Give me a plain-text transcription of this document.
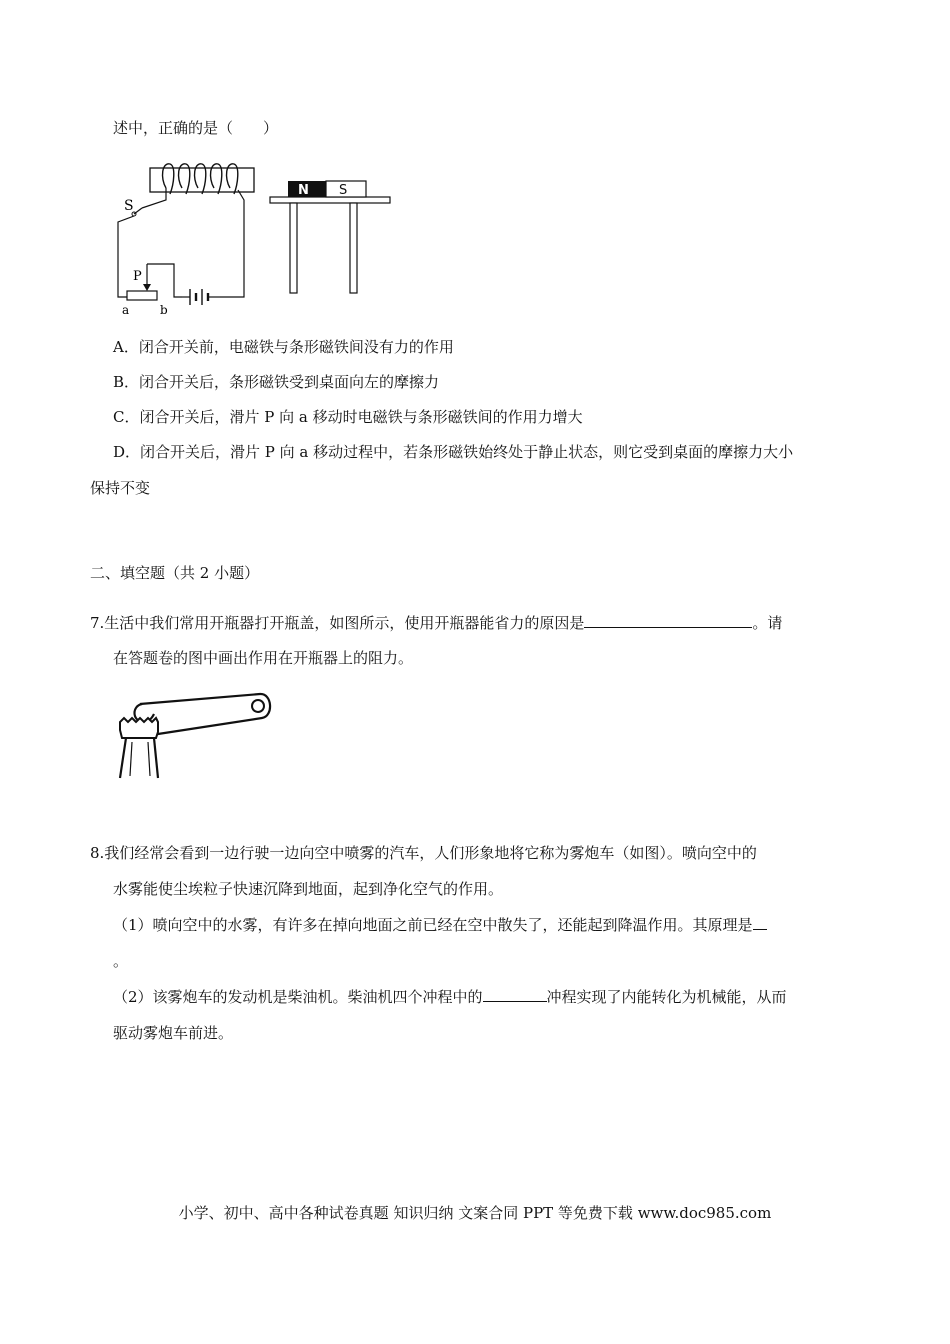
述中，正确的是（　　）
S
P
a	b
N S
A．闭合开关前，电磁铁与条形磁铁间没有力的作用
B．闭合开关后，条形磁铁受到桌面向左的摩擦力
C．闭合开关后，滑片 P 向 a 移动时电磁铁与条形磁铁间的作用力增大
D．闭合开关后，滑片 P 向 a 移动过程中，若条形磁铁始终处于静止状态，则它受到桌面的摩擦力大小
保持不变
二、填空题（共 2 小题）
7.生活中我们常用开瓶器打开瓶盖，如图所示，使用开瓶器能省力的原因是	。请
在答题卷的图中画出作用在开瓶器上的阻力。
8.我们经常会看到一边行驶一边向空中喷雾的汽车，人们形象地将它称为雾炮车（如图）。喷向空中的
水雾能使尘埃粒子快速沉降到地面，起到净化空气的作用。
（1）喷向空中的水雾，有许多在掉向地面之前已经在空中散失了，还能起到降温作用。其原理是
。
（2）该雾炮车的发动机是柴油机。柴油机四个冲程中的	冲程实现了内能转化为机械能，从而
驱动雾炮车前进。
小学、初中、高中各种试卷真题 知识归纳 文案合同 PPT 等免费下载 www.doc985.com
